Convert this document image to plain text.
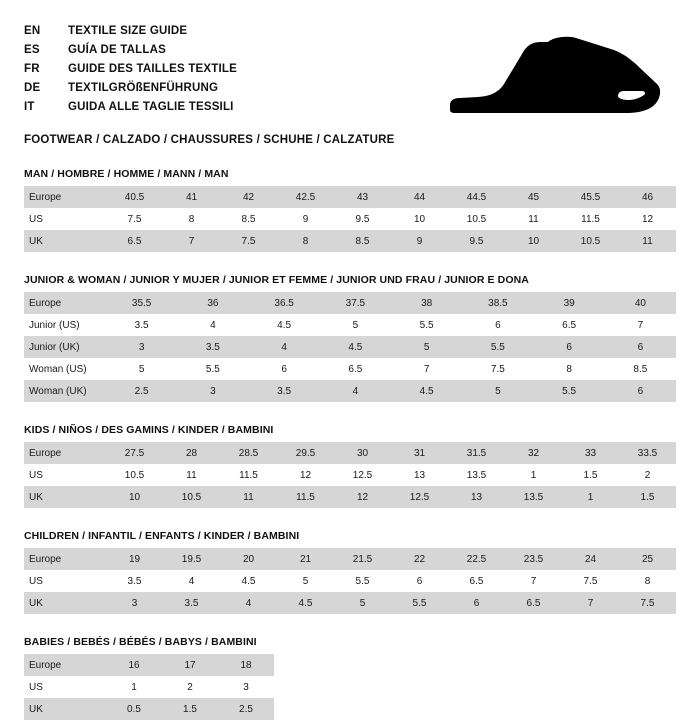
EN	TEXTILE SIZE GUIDE
ES	GUÍA DE TALLAS
FR	GUIDE DES TAILLES TEXTILE
DE	TEXTILGRÖßENFÜHRUNG
IT	GUIDA ALLE TAGLIE TESSILI
FOOTWEAR / CALZADO / CHAUSSURES / SCHUHE / CALZATURE
MAN / HOMBRE / HOMME / MANN / MAN
Europe	40.5	41	42	42.5	43	44	44.5	45	45.5	46
US	7.5	8	8.5	9	9.5	10	10.5	11	11.5	12
UK	6.5	7	7.5	8	8.5	9	9.5	10	10.5	11
JUNIOR & WOMAN / JUNIOR Y MUJER / JUNIOR ET FEMME / JUNIOR UND FRAU / JUNIOR E DONA
Europe	35.5	36	36.5	37.5	38	38.5	39	40
Junior (US)	3.5	4	4.5	5	5.5	6	6.5	7
Junior (UK)	3	3.5	4	4.5	5	5.5	6	6
Woman (US)	5	5.5	6	6.5	7	7.5	8	8.5
Woman (UK)	2.5	3	3.5	4	4.5	5	5.5	6
KIDS / NIÑOS / DES GAMINS / KINDER / BAMBINI
Europe	27.5	28	28.5	29.5	30	31	31.5	32	33	33.5
US	10.5	11	11.5	12	12.5	13	13.5	1	1.5	2
UK	10	10.5	11	11.5	12	12.5	13	13.5	1	1.5
CHILDREN / INFANTIL / ENFANTS / KINDER / BAMBINI
Europe	19	19.5	20	21	21.5	22	22.5	23.5	24	25
US	3.5	4	4.5	5	5.5	6	6.5	7	7.5	8
UK	3	3.5	4	4.5	5	5.5	6	6.5	7	7.5
BABIES / BEBÉS / BÉBÉS / BABYS / BAMBINI
Europe	16	17	18	
US	1	2	3	
UK	0.5	1.5	2.5	
